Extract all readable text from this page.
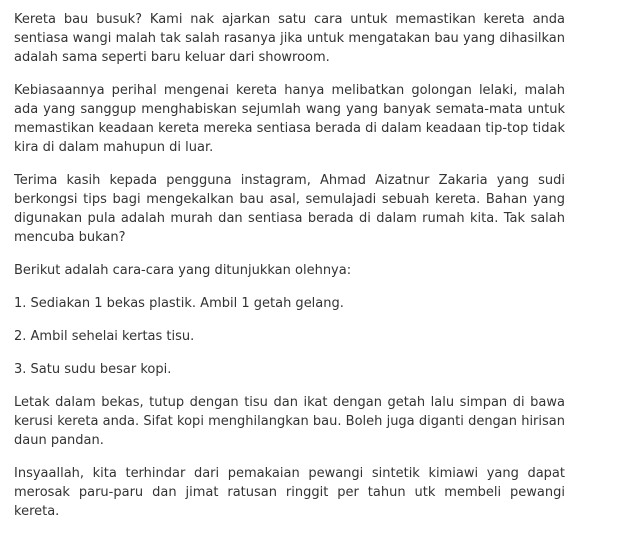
Kereta bau busuk? Kami nak ajarkan satu cara untuk memastikan kereta anda sentiasa wangi malah tak salah rasanya jika untuk mengatakan bau yang dihasilkan adalah sama seperti baru keluar dari showroom.

Kebiasaannya perihal mengenai kereta hanya melibatkan golongan lelaki, malah ada yang sanggup menghabiskan sejumlah wang yang banyak semata-mata untuk memastikan keadaan kereta mereka sentiasa berada di dalam keadaan tip-top tidak kira di dalam mahupun di luar.

Terima kasih kepada pengguna instagram, Ahmad Aizatnur Zakaria yang sudi berkongsi tips bagi mengekalkan bau asal, semulajadi sebuah kereta. Bahan yang digunakan pula adalah murah dan sentiasa berada di dalam rumah kita. Tak salah mencuba bukan?

Berikut adalah cara-cara yang ditunjukkan olehnya:

1. Sediakan 1 bekas plastik. Ambil 1 getah gelang.

2. Ambil sehelai kertas tisu.

3. Satu sudu besar kopi.

Letak dalam bekas, tutup dengan tisu dan ikat dengan getah lalu simpan di bawa kerusi kereta anda. Sifat kopi menghilangkan bau. Boleh juga diganti dengan hirisan daun pandan.

Insyaallah, kita terhindar dari pemakaian pewangi sintetik kimiawi yang dapat merosak paru-paru dan jimat ratusan ringgit per tahun utk membeli pewangi kereta.
